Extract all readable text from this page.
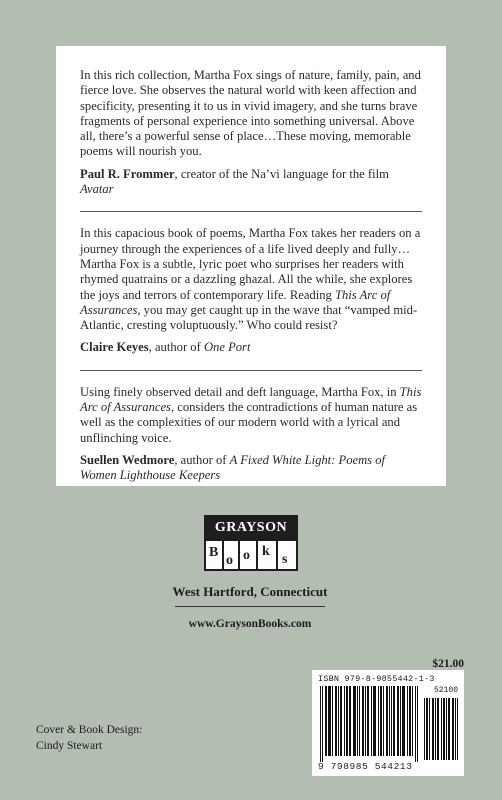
In this rich collection, Martha Fox sings of nature, family, pain, and fierce love. She observes the natural world with keen affection and specificity, presenting it to us in vivid imagery, and she turns brave fragments of personal experience into something universal. Above all, there’s a powerful sense of place…These moving, memorable poems will nourish you.

Paul R. Frommer, creator of the Na’vi language for the film Avatar

In this capacious book of poems, Martha Fox takes her readers on a journey through the experiences of a life lived deeply and fully… Martha Fox is a subtle, lyric poet who surprises her readers with rhymed quatrains or a dazzling ghazal. All the while, she explores the joys and terrors of contemporary life. Reading This Arc of Assurances, you may get caught up in the wave that “vamped mid-Atlantic, cresting voluptuously.” Who could resist?

Claire Keyes, author of One Port

Using finely observed detail and deft language, Martha Fox, in This Arc of Assurances, considers the contradictions of human nature as well as the complexities of our modern world with a lyrical and unflinching voice.

Suellen Wedmore, author of A Fixed White Light: Poems of Women Lighthouse Keepers

GRAYSON
B
o o k
s
West Hartford, Connecticut
www.GraysonBooks.com
$21.00
ISBN 979-8-9855442-1-3
52100
9 798985 544213
Cover & Book Design:
Cindy Stewart
